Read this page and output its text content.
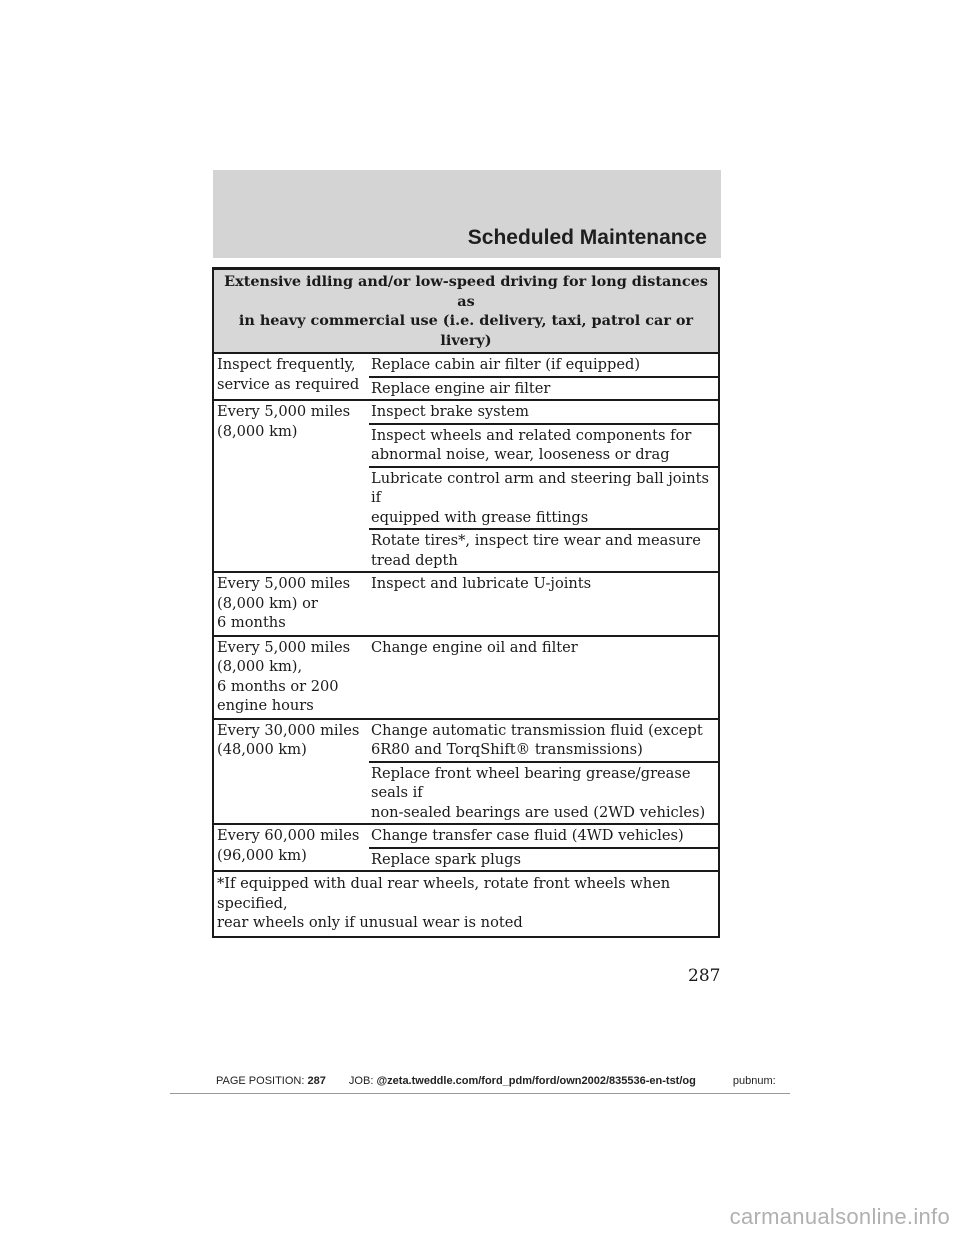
Scheduled Maintenance
Extensive idling and/or low-speed driving for long distances as
in heavy commercial use (i.e. delivery, taxi, patrol car or livery)
Inspect frequently,
service as required
Replace cabin air filter (if equipped)
Replace engine air filter
Every 5,000 miles
(8,000 km)
Inspect brake system
Inspect wheels and related components for
abnormal noise, wear, looseness or drag
Lubricate control arm and steering ball joints if
equipped with grease fittings
Rotate tires*, inspect tire wear and measure
tread depth
Every 5,000 miles
(8,000 km) or
6 months
Inspect and lubricate U-joints
Every 5,000 miles
(8,000 km),
6 months or 200
engine hours
Change engine oil and filter
Every 30,000 miles
(48,000 km)
Change automatic transmission fluid (except
6R80 and TorqShift® transmissions)
Replace front wheel bearing grease/grease seals if
non-sealed bearings are used (2WD vehicles)
Every 60,000 miles
(96,000 km)
Change transfer case fluid (4WD vehicles)
Replace spark plugs
*If equipped with dual rear wheels, rotate front wheels when specified,
rear wheels only if unusual wear is noted
287
PAGE POSITION: 287 JOB: @zeta.tweddle.com/ford_pdm/ford/own2002/835536-en-tst/og	pubnum:
carmanualsonline.info
